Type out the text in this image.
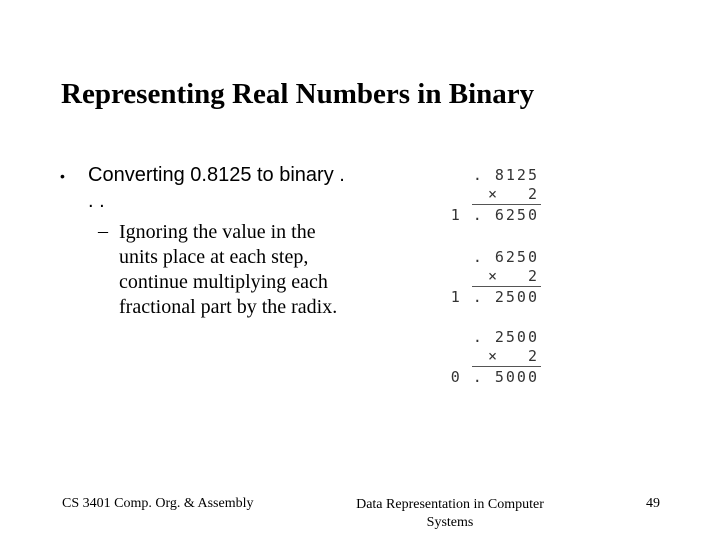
Representing Real Numbers in Binary
• Converting 0.8125 to binary . . .
– Ignoring the value in the units place at each step, continue multiplying each fractional part by the radix.
. 8125
× 2
1 . 6250
. 6250
× 2
1 . 2500
. 2500
× 2
0 . 5000
CS 3401 Comp. Org. & Assembly	Data Representation in Computer Systems
49
